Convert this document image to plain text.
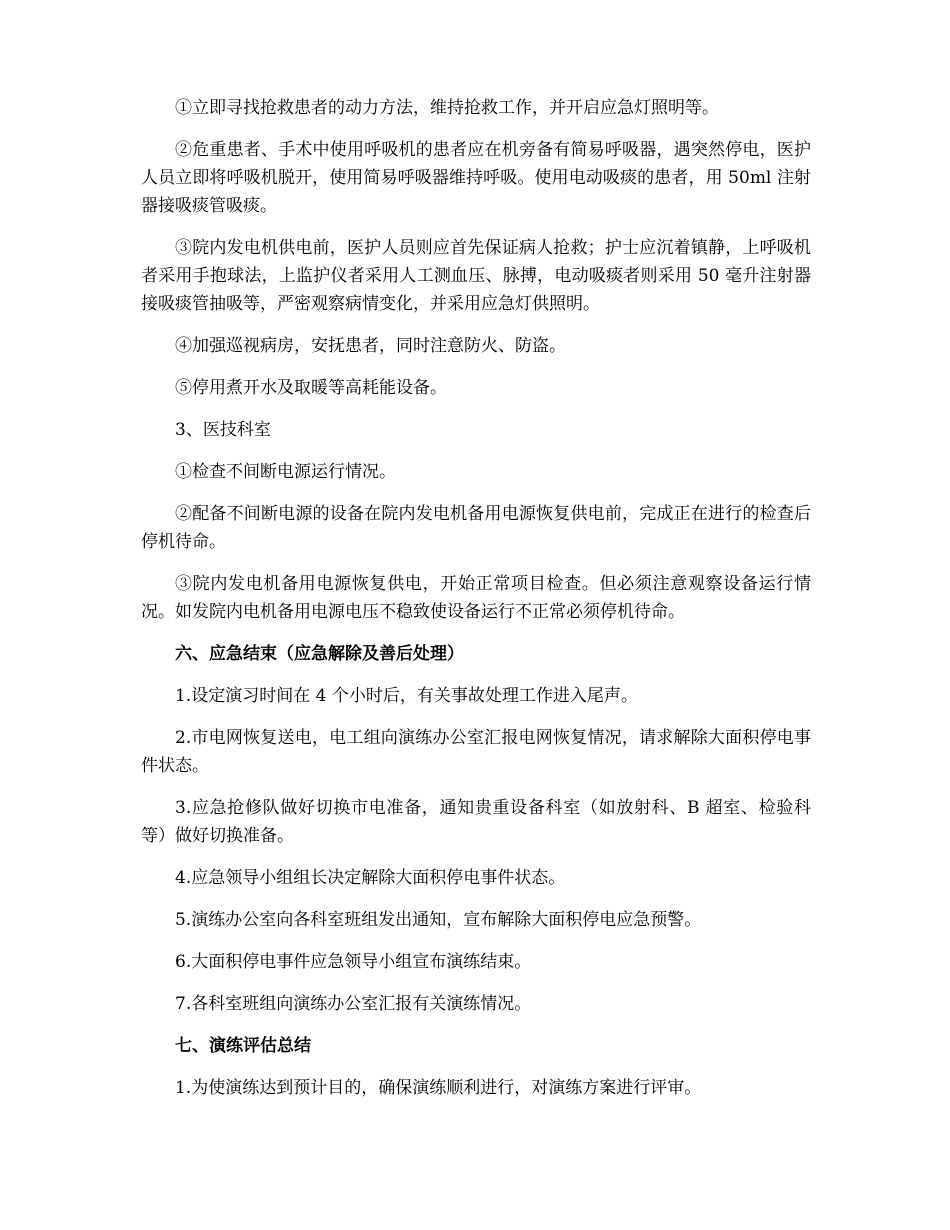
①立即寻找抢救患者的动力方法，维持抢救工作，并开启应急灯照明等。

②危重患者、手术中使用呼吸机的患者应在机旁备有简易呼吸器，遇突然停电，医护人员立即将呼吸机脱开，使用简易呼吸器维持呼吸。使用电动吸痰的患者，用 50ml 注射器接吸痰管吸痰。

③院内发电机供电前，医护人员则应首先保证病人抢救；护士应沉着镇静，上呼吸机者采用手抱球法，上监护仪者采用人工测血压、脉搏，电动吸痰者则采用 50 毫升注射器接吸痰管抽吸等，严密观察病情变化，并采用应急灯供照明。

④加强巡视病房，安抚患者，同时注意防火、防盗。

⑤停用煮开水及取暖等高耗能设备。

3、医技科室

①检查不间断电源运行情况。

②配备不间断电源的设备在院内发电机备用电源恢复供电前，完成正在进行的检查后停机待命。

③院内发电机备用电源恢复供电，开始正常项目检查。但必须注意观察设备运行情况。如发院内电机备用电源电压不稳致使设备运行不正常必须停机待命。

六、应急结束（应急解除及善后处理）

1.设定演习时间在 4 个小时后，有关事故处理工作进入尾声。

2.市电网恢复送电，电工组向演练办公室汇报电网恢复情况，请求解除大面积停电事件状态。

3.应急抢修队做好切换市电准备，通知贵重设备科室（如放射科、B 超室、检验科等）做好切换准备。

4.应急领导小组组长决定解除大面积停电事件状态。

5.演练办公室向各科室班组发出通知，宣布解除大面积停电应急预警。

6.大面积停电事件应急领导小组宣布演练结束。

7.各科室班组向演练办公室汇报有关演练情况。

七、演练评估总结

1.为使演练达到预计目的，确保演练顺利进行，对演练方案进行评审。
